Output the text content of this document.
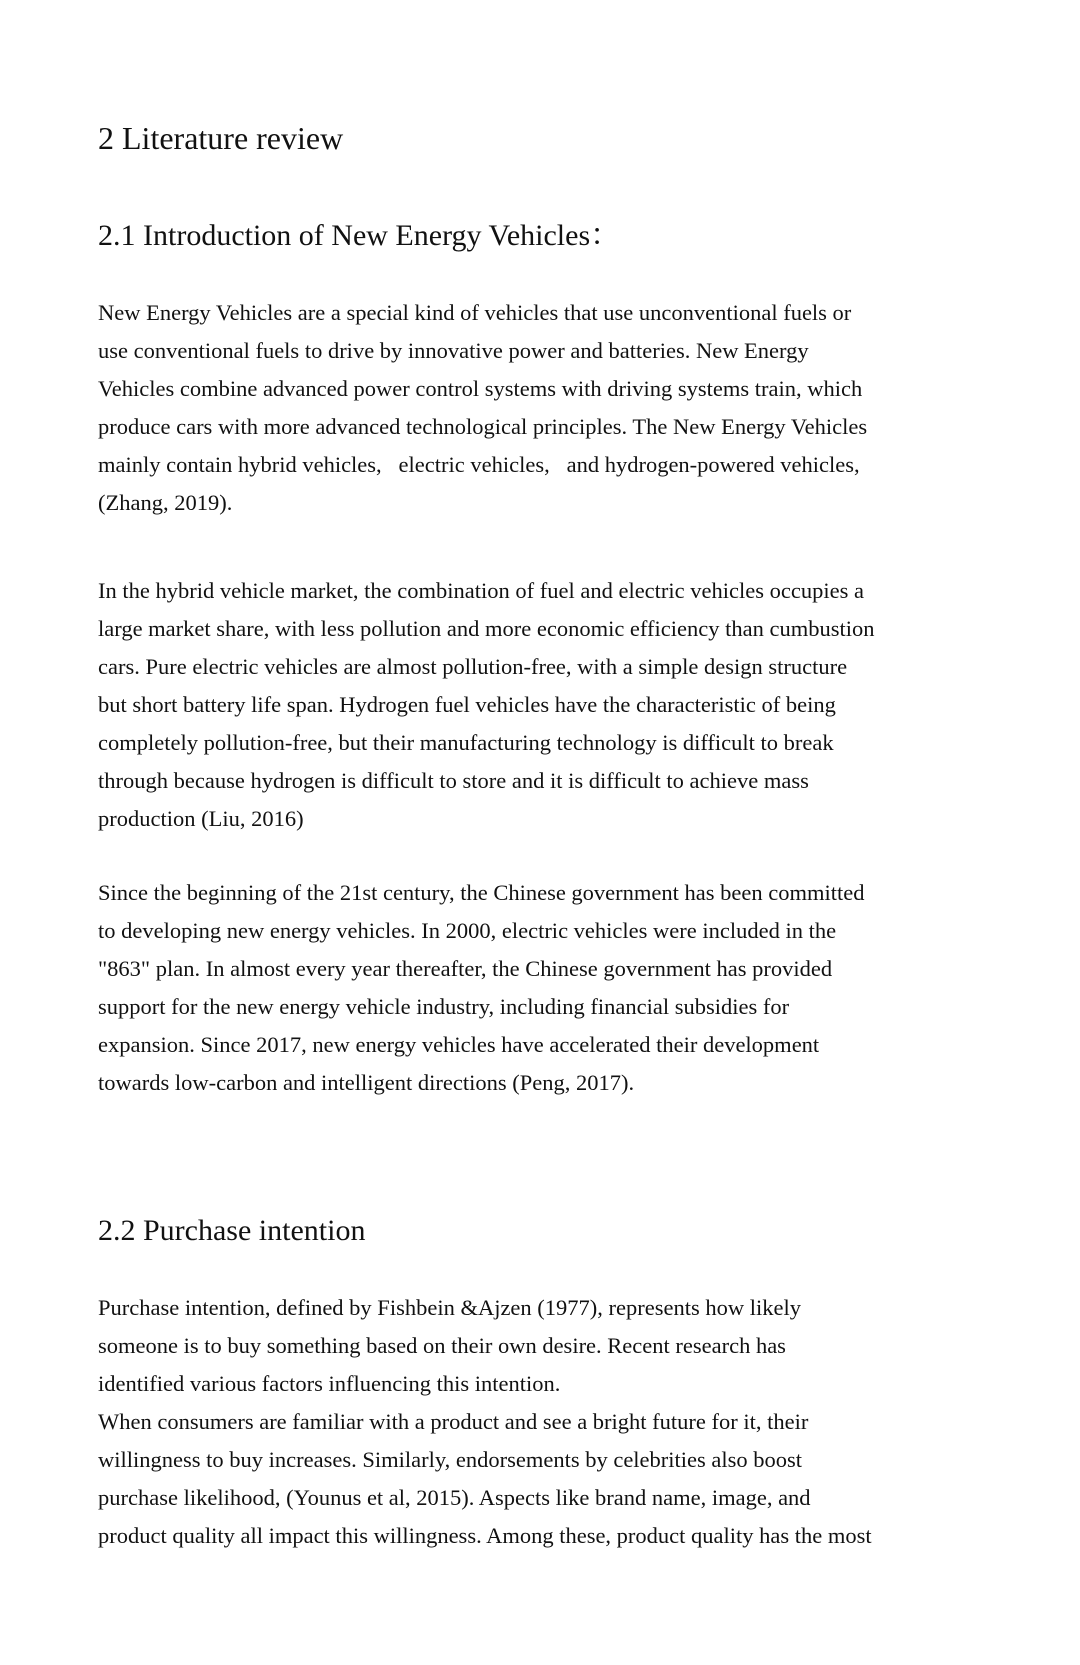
2 Literature review
2.1 Introduction of New Energy Vehicles：
New Energy Vehicles are a special kind of vehicles that use unconventional fuels or
use conventional fuels to drive by innovative power and batteries. New Energy
Vehicles combine advanced power control systems with driving systems train, which
produce cars with more advanced technological principles. The New Energy Vehicles
mainly contain hybrid vehicles,   electric vehicles,   and hydrogen-powered vehicles,
(Zhang, 2019).
In the hybrid vehicle market, the combination of fuel and electric vehicles occupies a
large market share, with less pollution and more economic efficiency than cumbustion
cars. Pure electric vehicles are almost pollution-free, with a simple design structure
but short battery life span. Hydrogen fuel vehicles have the characteristic of being
completely pollution-free, but their manufacturing technology is difficult to break
through because hydrogen is difficult to store and it is difficult to achieve mass
production (Liu, 2016)
Since the beginning of the 21st century, the Chinese government has been committed
to developing new energy vehicles. In 2000, electric vehicles were included in the
"863" plan. In almost every year thereafter, the Chinese government has provided
support for the new energy vehicle industry, including financial subsidies for
expansion. Since 2017, new energy vehicles have accelerated their development
towards low-carbon and intelligent directions (Peng, 2017).
2.2 Purchase intention
Purchase intention, defined by Fishbein &Ajzen (1977), represents how likely
someone is to buy something based on their own desire. Recent research has
identified various factors influencing this intention.
When consumers are familiar with a product and see a bright future for it, their
willingness to buy increases. Similarly, endorsements by celebrities also boost
purchase likelihood, (Younus et al, 2015). Aspects like brand name, image, and
product quality all impact this willingness. Among these, product quality has the most
